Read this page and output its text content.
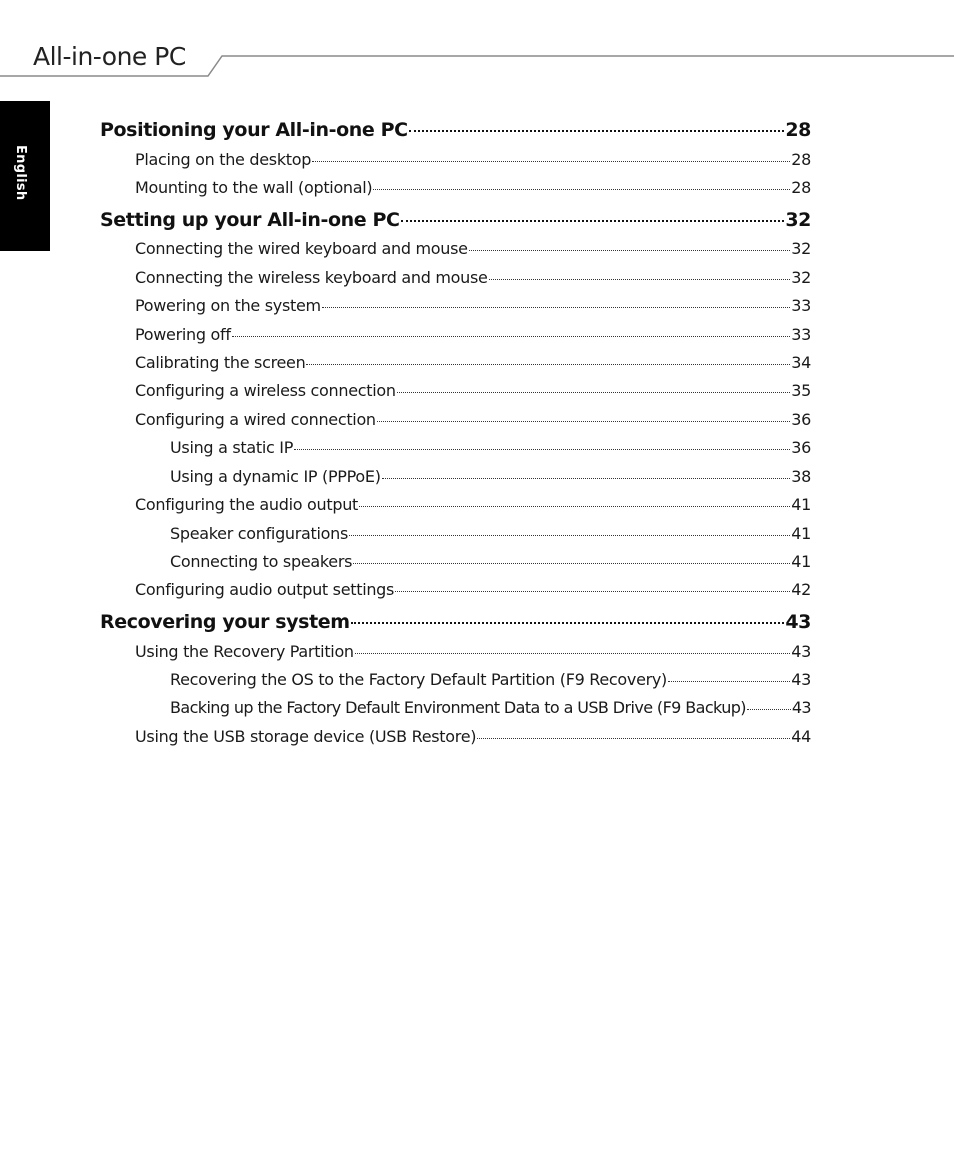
All-in-one PC
English
Positioning your All-in-one PC	28
Placing on the desktop	28
Mounting to the wall (optional)	28
Setting up your All-in-one PC	32
Connecting the wired keyboard and mouse	32
Connecting the wireless keyboard and mouse	32
Powering on the system	33
Powering off	33
Calibrating the screen	34
Configuring a wireless connection	35
Configuring a wired connection	36
Using a static IP	36
Using a dynamic IP (PPPoE)	38
Configuring the audio output	41
Speaker configurations	41
Connecting to speakers	41
Configuring audio output settings	42
Recovering your system	43
Using the Recovery Partition	43
Recovering the OS to the Factory Default Partition (F9 Recovery)	43
Backing up the Factory Default Environment Data to a USB Drive (F9 Backup)	43
Using the USB storage device (USB Restore)	44
